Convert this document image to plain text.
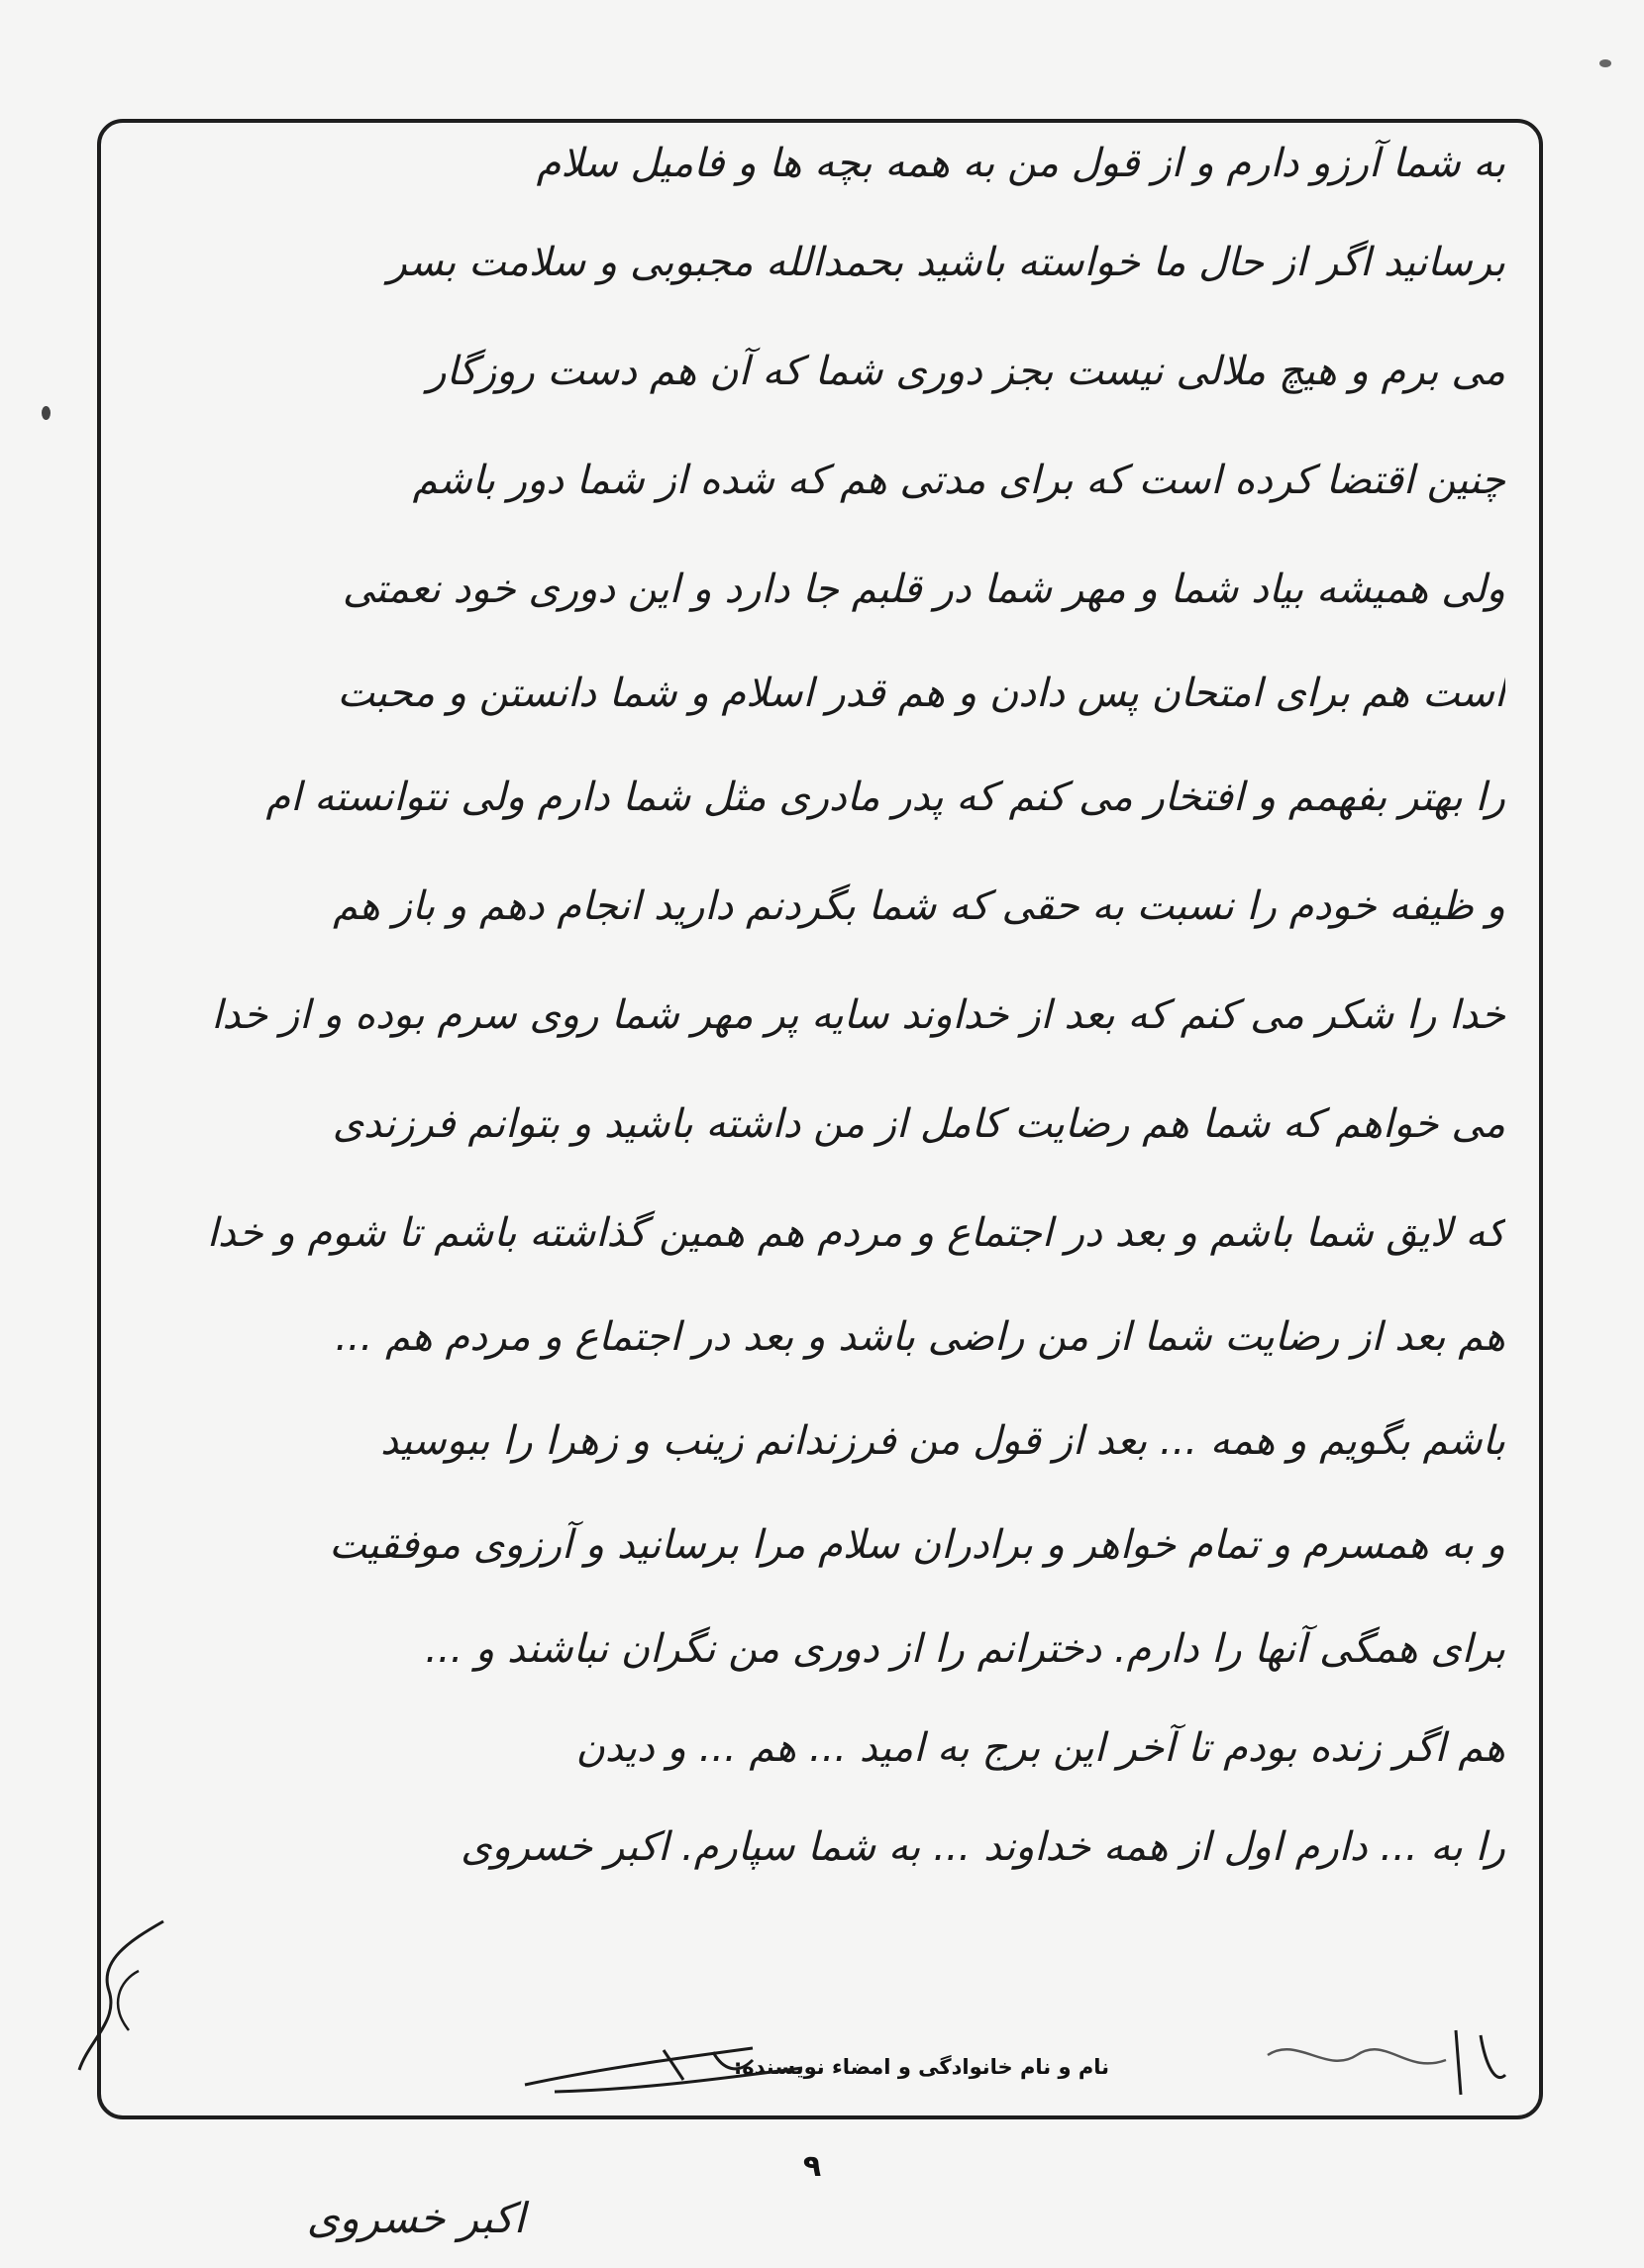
به شما آرزو دارم و از قول من به همه بچه ها و فامیل سلام
برسانید اگر از حال ما خواسته باشید بحمدالله مجبوبی و سلامت بسر
می برم و هیچ ملالی نیست بجز دوری شما که آن هم دست روزگار
چنین اقتضا کرده است که برای مدتی هم که شده از شما دور باشم
ولی همیشه بیاد شما و مهر شما در قلبم جا دارد و این دوری خود نعمتی
است هم برای امتحان پس دادن و هم قدر اسلام و شما دانستن و محبت
را بهتر بفهمم و افتخار می کنم که پدر مادری مثل شما دارم ولی نتوانسته ام
و ظیفه خودم را نسبت به حقی که شما بگردنم دارید انجام دهم و باز هم
خدا را شکر می کنم که بعد از خداوند سایه پر مهر شما روی سرم بوده و از خدا
می خواهم که شما هم رضایت کامل از من داشته باشید و بتوانم فرزندی
که لایق شما باشم و بعد در اجتماع و مردم هم همین گذاشته باشم تا شوم و خدا
هم بعد از رضایت شما از من راضی باشد و بعد در اجتماع و مردم هم ...
باشم بگویم و همه ... بعد از قول من فرزندانم زینب و زهرا را ببوسید
و به همسرم و تمام خواهر و برادران سلام مرا برسانید و آرزوی موفقیت
برای همگی آنها را دارم. دخترانم را از دوری من نگران نباشند و ...
هم اگر زنده بودم تا آخر این برج به امید ... هم ... و دیدن
را به ... دارم اول از همه خداوند ... به شما سپارم. اکبر خسروی
نام و نام خانوادگی و امضاء نویسنده:
۹
اکبر خسروی
